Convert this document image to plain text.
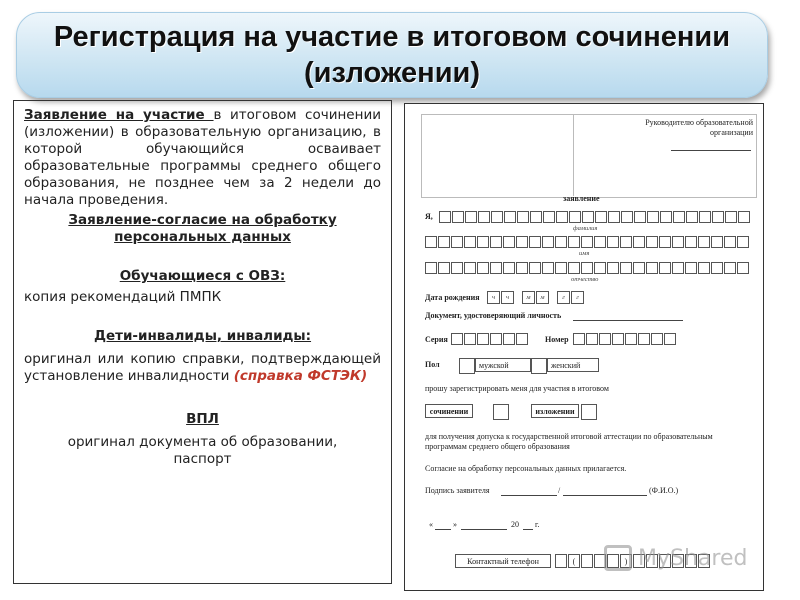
Регистрация на участие в итоговом сочинении
(изложении)

Заявление на участие в итоговом сочинении (изложении) в образовательную организацию, в которой обучающийся осваивает образовательные программы среднего общего образования, не позднее чем за 2 недели до начала проведения.

Заявление-согласие на обработку персональных данных

Обучающиеся с ОВЗ:

копия рекомендаций ПМПК

Дети-инвалиды, инвалиды:

оригинал или копию справки, подтверждающей установление инвалидности (справка ФСТЭК)

ВПЛ

оригинал документа об образовании, паспорт

Руководителю образовательной
организации
заявление
Я,
фамилия
имя
отчество
Дата рождения	ч	ч	м	м	г	г
Документ, удостоверяющий личность
Серия	Номер
Пол	мужской	женский
прошу зарегистрировать меня для участия в итоговом
сочинении	изложении
для получения допуска к государственной итоговой аттестации по образовательным
программам среднего общего образования
Согласие на обработку персональных данных прилагается.
Подпись заявителя	/	(Ф.И.О.)
«	»	20 г.
Контактный телефон	(	) MyShared
